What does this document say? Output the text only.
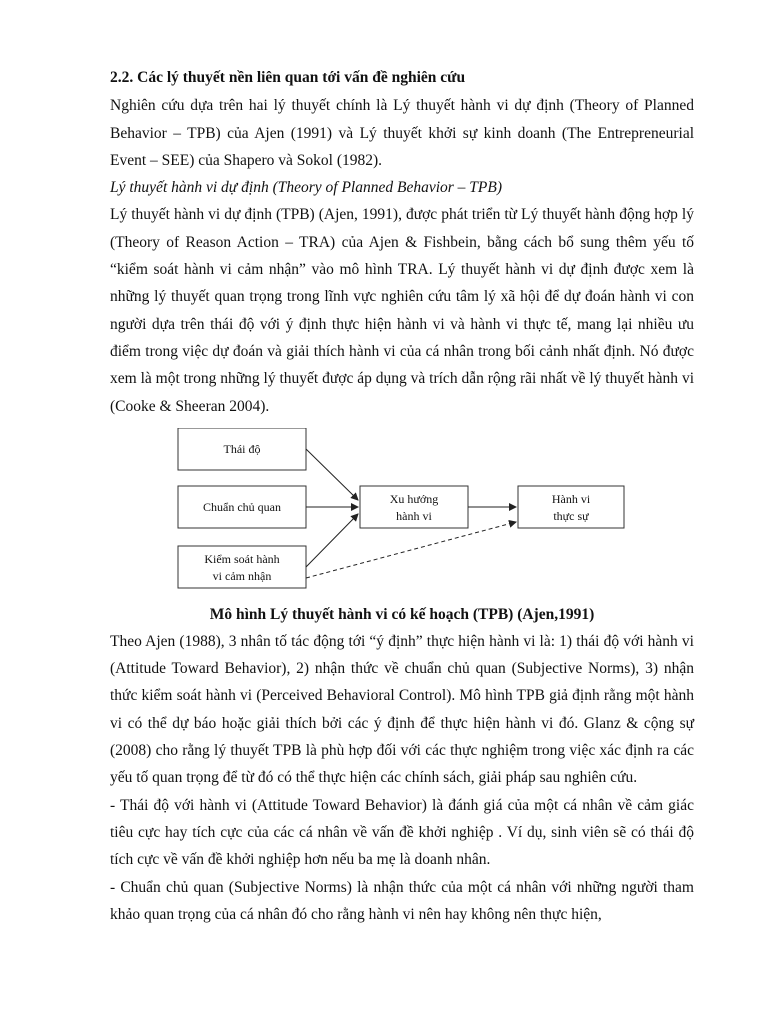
2.2. Các lý thuyết nền liên quan tới vấn đề nghiên cứu

Nghiên cứu dựa trên hai lý thuyết chính là Lý thuyết hành vi dự định (Theory of Planned Behavior – TPB) của Ajen (1991) và Lý thuyết khởi sự kinh doanh (The Entrepreneurial Event – SEE) của Shapero và Sokol (1982).

Lý thuyết hành vi dự định (Theory of Planned Behavior – TPB)

Lý thuyết hành vi dự định (TPB) (Ajen, 1991), được phát triển từ Lý thuyết hành động hợp lý (Theory of Reason Action – TRA) của Ajen & Fishbein, bằng cách bổ sung thêm yếu tố “kiểm soát hành vi cảm nhận” vào mô hình TRA. Lý thuyết hành vi dự định được xem là những lý thuyết quan trọng trong lĩnh vực nghiên cứu tâm lý xã hội để dự đoán hành vi con người dựa trên thái độ với ý định thực hiện hành vi và hành vi thực tế, mang lại nhiều ưu điểm trong việc dự đoán và giải thích hành vi của cá nhân trong bối cảnh nhất định. Nó được xem là một trong những lý thuyết được áp dụng và trích dẫn rộng rãi nhất về lý thuyết hành vi (Cooke & Sheeran 2004).

Thái độ
Chuẩn chủ quan
Kiểm soát hành
vi cảm nhận
Xu hướng
hành vi
Hành vi
thực sự

Mô hình Lý thuyết hành vi có kế hoạch (TPB) (Ajen,1991)

Theo Ajen (1988), 3 nhân tố tác động tới “ý định” thực hiện hành vi là: 1) thái độ với hành vi (Attitude Toward Behavior), 2) nhận thức về chuẩn chủ quan (Subjective Norms), 3) nhận thức kiểm soát hành vi (Perceived Behavioral Control). Mô hình TPB giả định rằng một hành vi có thể dự báo hoặc giải thích bởi các ý định để thực hiện hành vi đó. Glanz & cộng sự (2008) cho rằng lý thuyết TPB là phù hợp đối với các thực nghiệm trong việc xác định ra các yếu tố quan trọng để từ đó có thể thực hiện các chính sách, giải pháp sau nghiên cứu.

- Thái độ với hành vi (Attitude Toward Behavior) là đánh giá của một cá nhân về cảm giác tiêu cực hay tích cực của các cá nhân về vấn đề khởi nghiệp . Ví dụ, sinh viên sẽ có thái độ tích cực về vấn đề khởi nghiệp hơn nếu ba mẹ là doanh nhân.

- Chuẩn chủ quan (Subjective Norms) là nhận thức của một cá nhân với những người tham khảo quan trọng của cá nhân đó cho rằng hành vi nên hay không nên thực hiện,
